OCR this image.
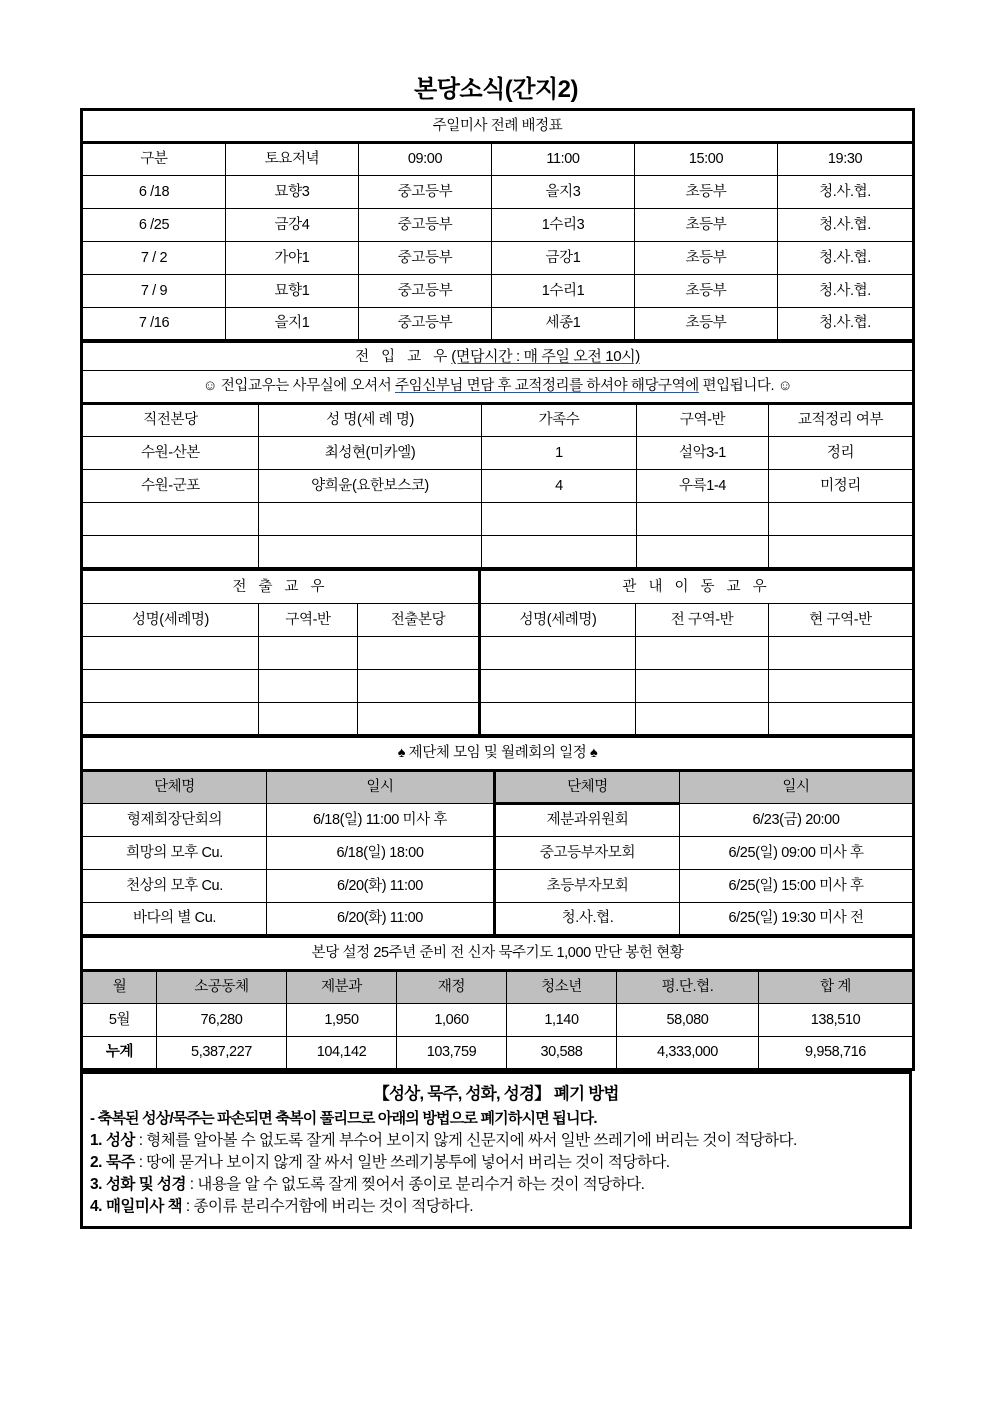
본당소식(간지2)
주일미사 전례 배정표					
구분	토요저녁	09:00	11:00	15:00	19:30
6 /18	묘향3	중고등부	을지3	초등부	청.사.협.
6 /25	금강4	중고등부	1수리3	초등부	청.사.협.
7 / 2	가야1	중고등부	금강1	초등부	청.사.협.
7 / 9	묘향1	중고등부	1수리1	초등부	청.사.협.
7 /16	을지1	중고등부	세종1	초등부	청.사.협.
전 입 교 우(면담시간 : 매 주일 오전 10시)				
☺ 전입교우는 사무실에 오셔서 주임신부님 면담 후 교적정리를 하셔야 해당구역에 편입됩니다. ☺				
직전본당	성 명(세 례 명)	가족수	구역-반	교적정리 여부
수원-산본	최성현(미카엘)	1	설악3-1	정리
수원-군포	양희윤(요한보스코)	4	우륵1-4	미정리

전 출 교 우			관 내 이 동 교 우		
성명(세례명)	구역-반	전출본당	성명(세례명)	전 구역-반	현 구역-반

♠ 제단체 모임 및 월례회의 일정 ♠			
단체명	일시	단체명	일시
형제회장단회의	6/18(일) 11:00 미사 후	제분과위원회	6/23(금) 20:00
희망의 모후 Cu.	6/18(일) 18:00	중고등부자모회	6/25(일) 09:00 미사 후
천상의 모후 Cu.	6/20(화) 11:00	초등부자모회	6/25(일) 15:00 미사 후
바다의 별 Cu.	6/20(화) 11:00	청.사.협.	6/25(일) 19:30 미사 전
본당 설정 25주년 준비 전 신자 묵주기도 1,000 만단 봉헌 현황						
월	소공동체	제분과	재정	청소년	평.단.협.	합 계
5월	76,280	1,950	1,060	1,140	58,080	138,510
누계	5,387,227	104,142	103,759	30,588	4,333,000	9,958,716
【성상, 묵주, 성화, 성경】 폐기 방법
- 축복된 성상/묵주는 파손되면 축복이 풀리므로 아래의 방법으로 폐기하시면 됩니다.
1. 성상 : 형체를 알아볼 수 없도록 잘게 부수어 보이지 않게 신문지에 싸서 일반 쓰레기에 버리는 것이 적당하다.
2. 묵주 : 땅에 묻거나 보이지 않게 잘 싸서 일반 쓰레기봉투에 넣어서 버리는 것이 적당하다.
3. 성화 및 성경 : 내용을 알 수 없도록 잘게 찢어서 종이로 분리수거 하는 것이 적당하다.
4. 매일미사 책 : 종이류 분리수거함에 버리는 것이 적당하다.
